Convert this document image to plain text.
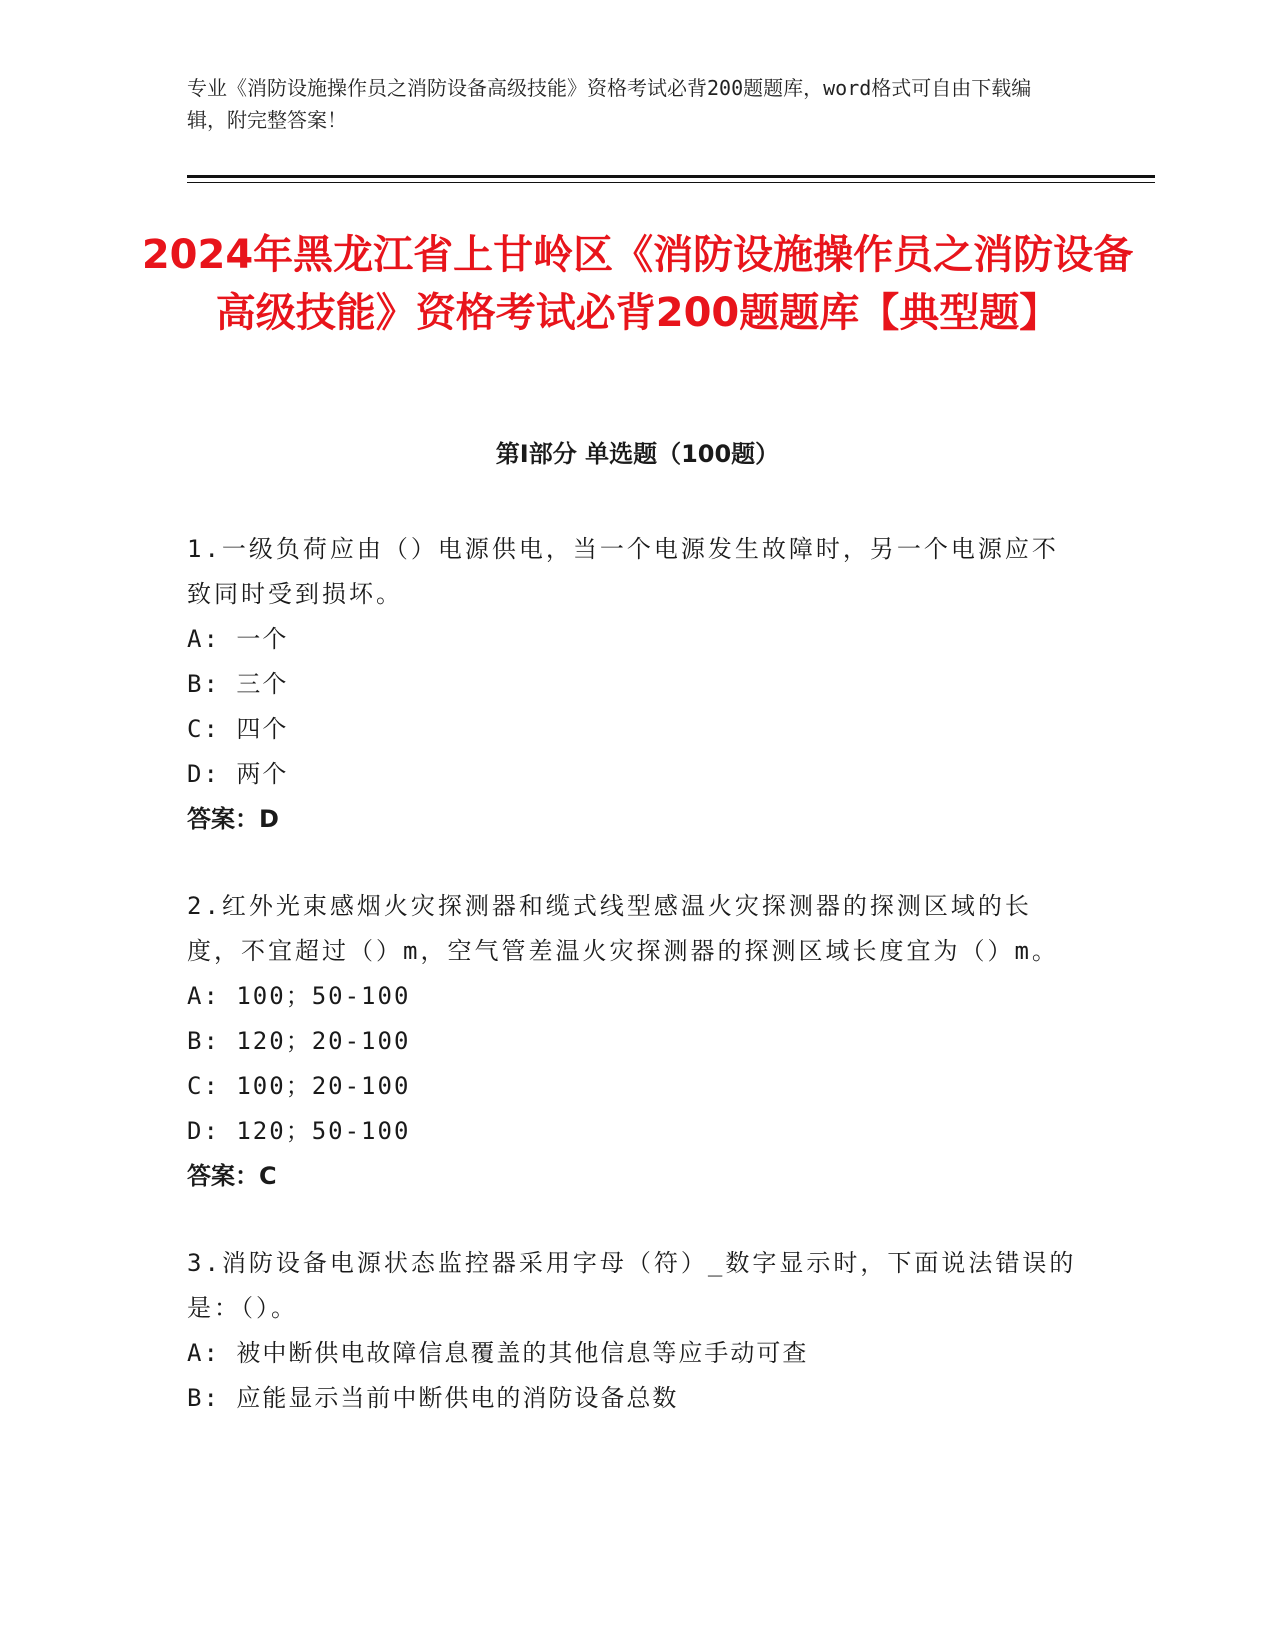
专业《消防设施操作员之消防设备高级技能》资格考试必背200题题库，word格式可自由下载编辑，附完整答案！
2024年黑龙江省上甘岭区《消防设施操作员之消防设备高级技能》资格考试必背200题题库【典型题】
第Ⅰ部分 单选题（100题）
1.一级负荷应由（）电源供电，当一个电源发生故障时，另一个电源应不致同时受到损坏。
A: 一个
B: 三个
C: 四个
D: 两个
答案：D
2.红外光束感烟火灾探测器和缆式线型感温火灾探测器的探测区域的长度，不宜超过（）m，空气管差温火灾探测器的探测区域长度宜为（）m。
A: 100；50-100
B: 120；20-100
C: 100；20-100
D: 120；50-100
答案：C
3.消防设备电源状态监控器采用字母（符）_数字显示时，下面说法错误的是：（）。
A: 被中断供电故障信息覆盖的其他信息等应手动可查
B: 应能显示当前中断供电的消防设备总数
